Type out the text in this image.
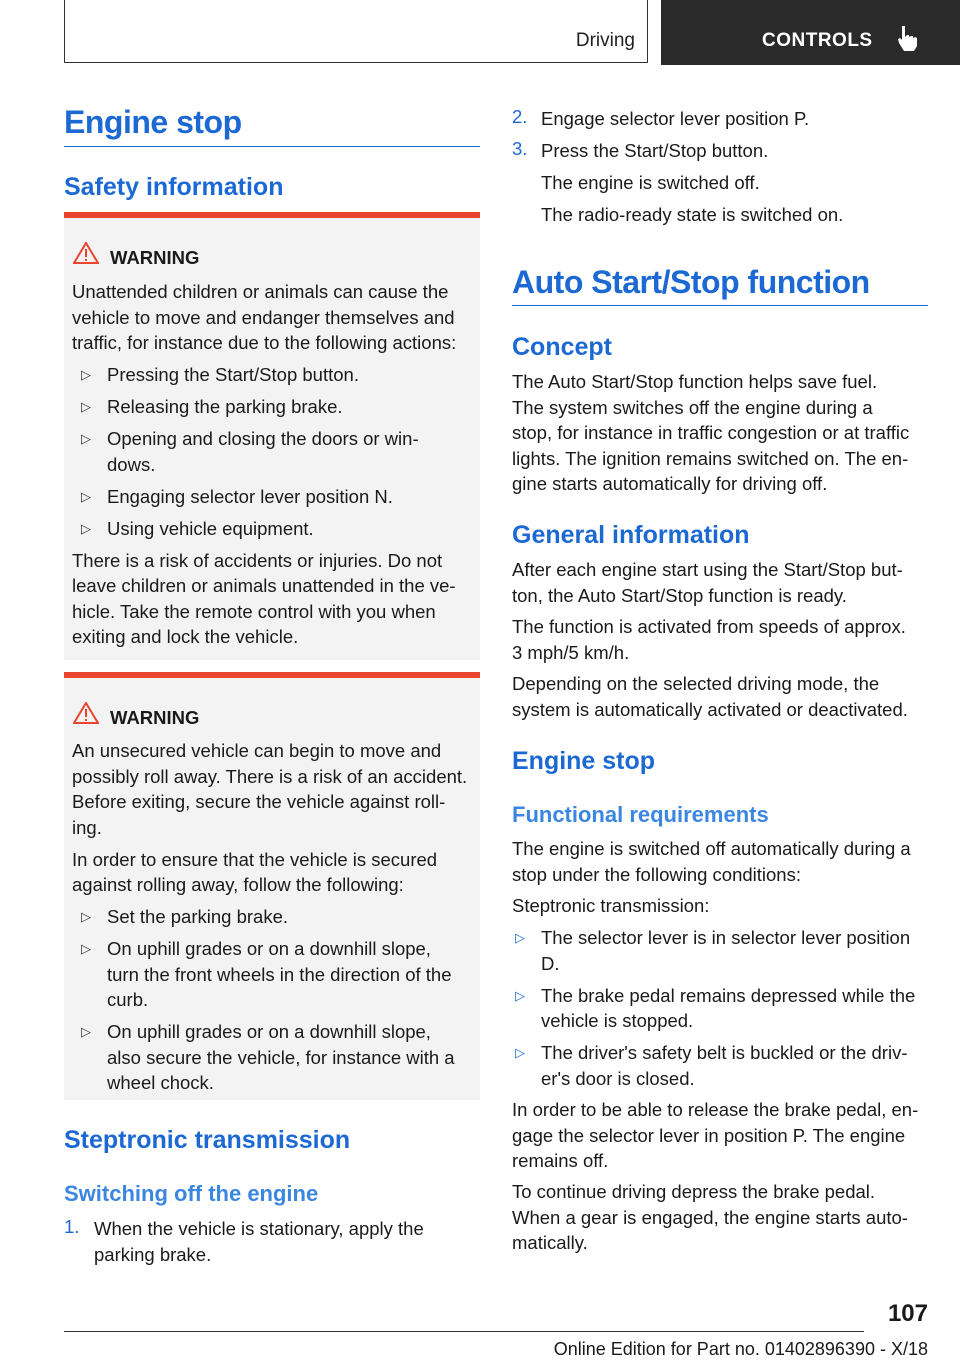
Driving	CONTROLS
Engine stop
Safety information
WARNING
Unattended children or animals can cause the
vehicle to move and endanger themselves and
traffic, for instance due to the following actions:
▷ Pressing the Start/Stop button.
▷ Releasing the parking brake.
▷ Opening and closing the doors or win‐
dows.
▷ Engaging selector lever position N.
▷ Using vehicle equipment.
There is a risk of accidents or injuries. Do not
leave children or animals unattended in the ve‐
hicle. Take the remote control with you when
exiting and lock the vehicle.
WARNING
An unsecured vehicle can begin to move and
possibly roll away. There is a risk of an accident.
Before exiting, secure the vehicle against roll‐
ing.
In order to ensure that the vehicle is secured
against rolling away, follow the following:
▷ Set the parking brake.
▷ On uphill grades or on a downhill slope,
turn the front wheels in the direction of the
curb.
▷ On uphill grades or on a downhill slope,
also secure the vehicle, for instance with a
wheel chock.
Steptronic transmission
Switching off the engine
1. When the vehicle is stationary, apply the
parking brake.
2. Engage selector lever position P.
3. Press the Start/Stop button.
The engine is switched off.
The radio-ready state is switched on.
Auto Start/Stop function
Concept
The Auto Start/Stop function helps save fuel.
The system switches off the engine during a
stop, for instance in traffic congestion or at traffic
lights. The ignition remains switched on. The en‐
gine starts automatically for driving off.
General information
After each engine start using the Start/Stop but‐
ton, the Auto Start/Stop function is ready.
The function is activated from speeds of approx.
3 mph/5 km/h.
Depending on the selected driving mode, the
system is automatically activated or deactivated.
Engine stop
Functional requirements
The engine is switched off automatically during a
stop under the following conditions:
Steptronic transmission:
▷ The selector lever is in selector lever position
D.
▷ The brake pedal remains depressed while the
vehicle is stopped.
▷ The driver's safety belt is buckled or the driv‐
er's door is closed.
In order to be able to release the brake pedal, en‐
gage the selector lever in position P. The engine
remains off.
To continue driving depress the brake pedal.
When a gear is engaged, the engine starts auto‐
matically.
107
Online Edition for Part no. 01402896390 - X/18
